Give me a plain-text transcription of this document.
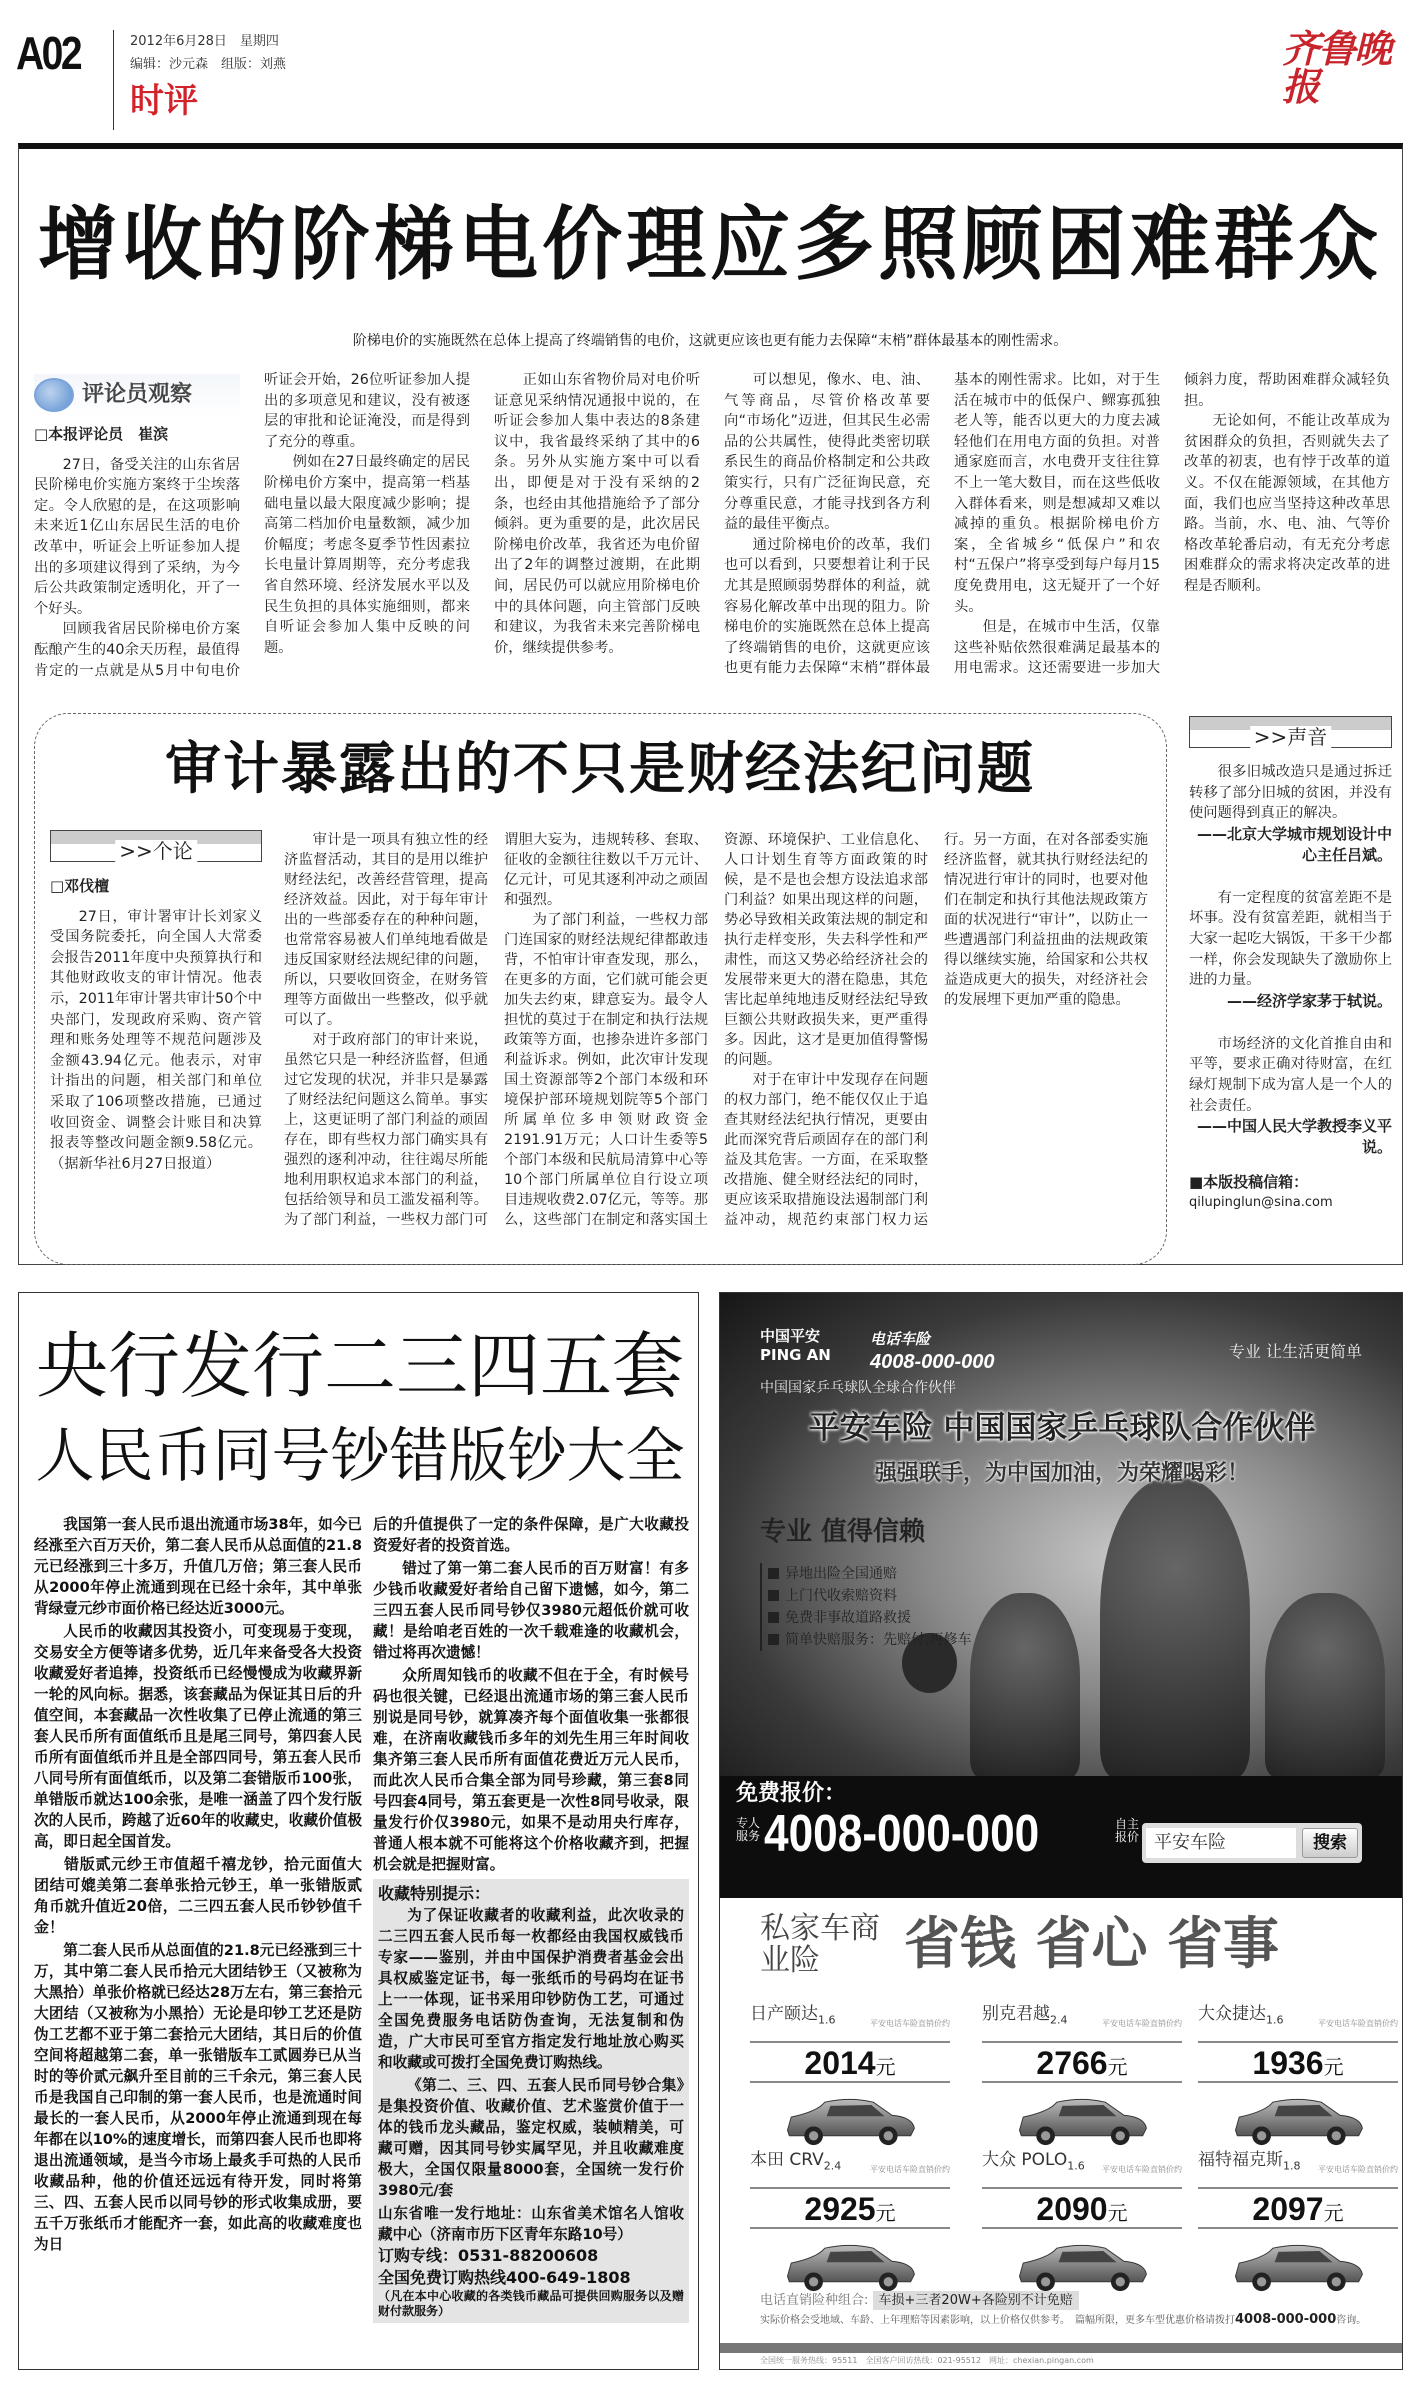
A02	2012年6月28日　星期四
编辑：沙元森　组版：刘燕
时评
齐鲁晚报
增收的阶梯电价理应多照顾困难群众
阶梯电价的实施既然在总体上提高了终端销售的电价，这就更应该也更有能力去保障“末梢”群体最基本的刚性需求。
评论员观察
□本报评论员　崔滨

27日，备受关注的山东省居民阶梯电价实施方案终于尘埃落定。令人欣慰的是，在这项影响未来近1亿山东居民生活的电价改革中，听证会上听证参加人提出的多项建议得到了采纳，为今后公共政策制定透明化，开了一个好头。

回顾我省居民阶梯电价方案酝酿产生的40余天历程，最值得肯定的一点就是从5月中旬电价听证会开始，26位听证参加人提出的多项意见和建议，没有被逐层的审批和论证淹没，而是得到了充分的尊重。

例如在27日最终确定的居民阶梯电价方案中，提高第一档基础电量以最大限度减少影响；提高第二档加价电量数额，减少加价幅度；考虑冬夏季节性因素拉长电量计算周期等，充分考虑我省自然环境、经济发展水平以及民生负担的具体实施细则，都来自听证会参加人集中反映的问题。

正如山东省物价局对电价听证意见采纳情况通报中说的，在听证会参加人集中表达的8条建议中，我省最终采纳了其中的6条。另外从实施方案中可以看出，即便是对于没有采纳的2条，也经由其他措施给予了部分倾斜。更为重要的是，此次居民阶梯电价改革，我省还为电价留出了2年的调整过渡期，在此期间，居民仍可以就应用阶梯电价中的具体问题，向主管部门反映和建议，为我省未来完善阶梯电价，继续提供参考。

可以想见，像水、电、油、气等商品，尽管价格改革要向“市场化”迈进，但其民生必需品的公共属性，使得此类密切联系民生的商品价格制定和公共政策实行，只有广泛征询民意，充分尊重民意，才能寻找到各方利益的最佳平衡点。

通过阶梯电价的改革，我们也可以看到，只要想着让利于民尤其是照顾弱势群体的利益，就容易化解改革中出现的阻力。阶梯电价的实施既然在总体上提高了终端销售的电价，这就更应该也更有能力去保障“末梢”群体最基本的刚性需求。比如，对于生活在城市中的低保户、鳏寡孤独老人等，能否以更大的力度去减轻他们在用电方面的负担。对普通家庭而言，水电费开支往往算不上一笔大数目，而在这些低收入群体看来，则是想减却又难以减掉的重负。根据阶梯电价方案，全省城乡“低保户”和农村“五保户”将享受到每户每月15度免费用电，这无疑开了一个好头。

但是，在城市中生活，仅靠这些补贴依然很难满足最基本的用电需求。这还需要进一步加大倾斜力度，帮助困难群众减轻负担。

无论如何，不能让改革成为贫困群众的负担，否则就失去了改革的初衷，也有悖于改革的道义。不仅在能源领域，在其他方面，我们也应当坚持这种改革思路。当前，水、电、油、气等价格改革轮番启动，有无充分考虑困难群众的需求将决定改革的进程是否顺利。

审计暴露出的不只是财经法纪问题
>>个论
□邓伐檀

27日，审计署审计长刘家义受国务院委托，向全国人大常委会报告2011年度中央预算执行和其他财政收支的审计情况。他表示，2011年审计署共审计50个中央部门，发现政府采购、资产管理和账务处理等不规范问题涉及金额43.94亿元。他表示，对审计指出的问题，相关部门和单位采取了106项整改措施，已通过收回资金、调整会计账目和决算报表等整改问题金额9.58亿元。（据新华社6月27日报道）

审计是一项具有独立性的经济监督活动，其目的是用以维护财经法纪，改善经营管理，提高经济效益。因此，对于每年审计出的一些部委存在的种种问题，也常常容易被人们单纯地看做是违反国家财经法规纪律的问题，所以，只要收回资金，在财务管理等方面做出一些整改，似乎就可以了。

对于政府部门的审计来说，虽然它只是一种经济监督，但通过它发现的状况，并非只是暴露了财经法纪问题这么简单。事实上，这更证明了部门利益的顽固存在，即有些权力部门确实具有强烈的逐利冲动，往往竭尽所能地利用职权追求本部门的利益，包括给领导和员工滥发福利等。为了部门利益，一些权力部门可谓胆大妄为，违规转移、套取、征收的金额往往数以千万元计、亿元计，可见其逐利冲动之顽固和强烈。

为了部门利益，一些权力部门连国家的财经法规纪律都敢违背，不怕审计审查发现，那么，在更多的方面，它们就可能会更加失去约束，肆意妄为。最令人担忧的莫过于在制定和执行法规政策等方面，也掺杂进许多部门利益诉求。例如，此次审计发现国土资源部等2个部门本级和环境保护部环境规划院等5个部门所属单位多申领财政资金2191.91万元；人口计生委等5个部门本级和民航局清算中心等10个部门所属单位自行设立项目违规收费2.07亿元，等等。那么，这些部门在制定和落实国土资源、环境保护、工业信息化、人口计划生育等方面政策的时候，是不是也会想方设法追求部门利益？如果出现这样的问题，势必导致相关政策法规的制定和执行走样变形，失去科学性和严肃性，而这又势必给经济社会的发展带来更大的潜在隐患，其危害比起单纯地违反财经法纪导致巨额公共财政损失来，更严重得多。因此，这才是更加值得警惕的问题。

对于在审计中发现存在问题的权力部门，绝不能仅仅止于追查其财经法纪执行情况，更要由此而深究背后顽固存在的部门利益及其危害。一方面，在采取整改措施、健全财经法纪的同时，更应该采取措施设法遏制部门利益冲动，规范约束部门权力运行。另一方面，在对各部委实施经济监督，就其执行财经法纪的情况进行审计的同时，也要对他们在制定和执行其他法规政策方面的状况进行“审计”，以防止一些遭遇部门利益扭曲的法规政策得以继续实施，给国家和公共权益造成更大的损失，对经济社会的发展埋下更加严重的隐患。

>>声音

很多旧城改造只是通过拆迁转移了部分旧城的贫困，并没有使问题得到真正的解决。

——北京大学城市规划设计中心主任吕斌。

有一定程度的贫富差距不是坏事。没有贫富差距，就相当于大家一起吃大锅饭，干多干少都一样，你会发现缺失了激励你上进的力量。

——经济学家茅于轼说。

市场经济的文化首推自由和平等，要求正确对待财富，在红绿灯规制下成为富人是一个人的社会责任。

——中国人民大学教授李义平说。
■本版投稿信箱：
qilupinglun@sina.com
央行发行二三四五套
人民币同号钞错版钞大全

我国第一套人民币退出流通市场38年，如今已经涨至六百万天价，第二套人民币从总面值的21.8元已经涨到三十多万，升值几万倍；第三套人民币从2000年停止流通到现在已经十余年，其中单张背绿壹元纱市面价格已经达近3000元。

人民币的收藏因其投资小，可变现易于变现，交易安全方便等诸多优势，近几年来备受各大投资收藏爱好者追捧，投资纸币已经慢慢成为收藏界新一轮的风向标。据悉，该套藏品为保证其日后的升值空间，本套藏品一次性收集了已停止流通的第三套人民币所有面值纸币且是尾三同号，第四套人民币所有面值纸币并且是全部四同号，第五套人民币八同号所有面值纸币，以及第二套错版币100张，单错版币就达100余张，是唯一涵盖了四个发行版次的人民币，跨越了近60年的收藏史，收藏价值极高，即日起全国首发。

错版贰元纱王市值超千禧龙钞，拾元面值大团结可媲美第二套单张拾元钞王，单一张错版贰角币就升值近20倍，二三四五套人民币钞钞值千金！

第二套人民币从总面值的21.8元已经涨到三十万，其中第二套人民币拾元大团结钞王（又被称为大黑拾）单张价格就已经达28万左右，第三套拾元大团结（又被称为小黑拾）无论是印钞工艺还是防伪工艺都不亚于第二套拾元大团结，其日后的价值空间将超越第二套，单一张错版车工贰圆券已从当时的等价贰元飙升至目前的三千余元，第三套人民币是我国自己印制的第一套人民币，也是流通时间最长的一套人民币，从2000年停止流通到现在每年都在以10%的速度增长，而第四套人民币也即将退出流通领域，是当今市场上最炙手可热的人民币收藏品种，他的价值还远远有待开发，同时将第三、四、五套人民币以同号钞的形式收集成册，要五千万张纸币才能配齐一套，如此高的收藏难度也为日

后的升值提供了一定的条件保障，是广大收藏投资爱好者的投资首选。

错过了第一第二套人民币的百万财富！有多少钱币收藏爱好者给自己留下遗憾，如今，第二三四五套人民币同号钞仅3980元超低价就可收藏！是给咱老百姓的一次千载难逢的收藏机会，错过将再次遗憾！

众所周知钱币的收藏不但在于全，有时候号码也很关键，已经退出流通市场的第三套人民币别说是同号钞，就算凑齐每个面值收集一张都很难，在济南收藏钱币多年的刘先生用三年时间收集齐第三套人民币所有面值花费近万元人民币，而此次人民币合集全部为同号珍藏，第三套8同号四套4同号，第五套更是一次性8同号收录，限量发行价仅3980元，如果不是动用央行库存，普通人根本就不可能将这个价格收藏齐到，把握机会就是把握财富。

收藏特别提示：

为了保证收藏者的收藏利益，此次收录的二三四五套人民币每一枚都经由我国权威钱币专家——鉴别，并由中国保护消费者基金会出具权威鉴定证书，每一张纸币的号码均在证书上一一体现，证书采用印钞防伪工艺，可通过全国免费服务电话防伪查询，无法复制和伪造，广大市民可至官方指定发行地址放心购买和收藏或可拨打全国免费订购热线。

《第二、三、四、五套人民币同号钞合集》是集投资价值、收藏价值、艺术鉴赏价值于一体的钱币龙头藏品，鉴定权威，装帧精美，可藏可赠，因其同号钞实属罕见，并且收藏难度极大，全国仅限量8000套，全国统一发行价3980元/套

山东省唯一发行地址：山东省美术馆名人馆收藏中心（济南市历下区青年东路10号）
订购专线：0531-88200608
全国免费订购热线400-649-1808
（凡在本中心收藏的各类钱币藏品可提供回购服务以及赠财付款服务）
中国平安
PING AN
电话车险
4008-000-000
中国国家乒乓球队全球合作伙伴
专业 让生活更简单
平安车险 中国国家乒乓球队合作伙伴
强强联手，为中国加油，为荣耀喝彩！
专业 值得信赖
异地出险全国通赔
上门代收索赔资料
免费非事故道路救援
简单快赔服务：先赔付,再修车
免费报价：
专人服务 4008-000-000	自主报价 平安车险	搜索
私家车商业险	省钱 省心 省事
日产颐达$_{1.6}$	平安电话车险直销价约
2014元
别克君越$_{2.4}$	平安电话车险直销价约
2766元
大众捷达$_{1.6}$	平安电话车险直销价约
1936元
本田 $CRV_{2.4}$	平安电话车险直销价约
2925元
大众 $POLO_{1.6}$	平安电话车险直销价约
2090元
福特福克斯$_{1.8}$	平安电话车险直销价约
2097元
电话直销险种组合: 车损+三者20W+各险别不计免赔
实际价格会受地域、车龄、上年理赔等因素影响，以上价格仅供参考。　篇幅所限，更多车型优惠价格请拨打4008-000-000咨询。
全国统一服务热线：95511　全国客户回访热线：021-95512　网址：chexian.pingan.com
